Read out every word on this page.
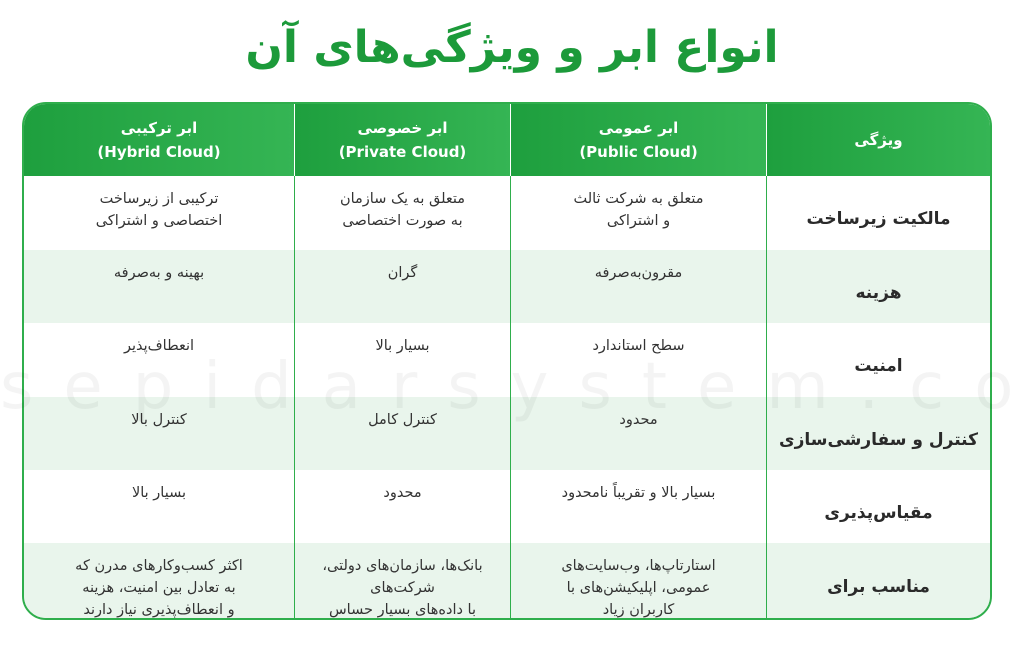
انواع ابر و ویژگی‌های آن
ویژگی
ابر عمومی
(Public Cloud)
ابر خصوصی
(Private Cloud)
ابر ترکیبی
(Hybrid Cloud)
مالکیت زیرساخت
متعلق به شرکت ثالث
و اشتراکی
متعلق به یک سازمان
به صورت اختصاصی
ترکیبی از زیرساخت
اختصاصی و اشتراکی
هزینه
مقرون‌به‌صرفه
گران
بهینه و به‌صرفه
امنیت
سطح استاندارد
بسیار بالا
انعطاف‌پذیر
کنترل و سفارشی‌سازی
محدود
کنترل کامل
کنترل بالا
مقیاس‌پذیری
بسیار بالا و تقریباً نامحدود
محدود
بسیار بالا
مناسب برای
استارتاپ‌ها، وب‌سایت‌های
عمومی، اپلیکیشن‌های با
کاربران زیاد
بانک‌ها، سازمان‌های دولتی،
شرکت‌های
با داده‌های بسیار حساس
اکثر کسب‌وکارهای مدرن که
به تعادل بین امنیت، هزینه
و انعطاف‌پذیری نیاز دارند
